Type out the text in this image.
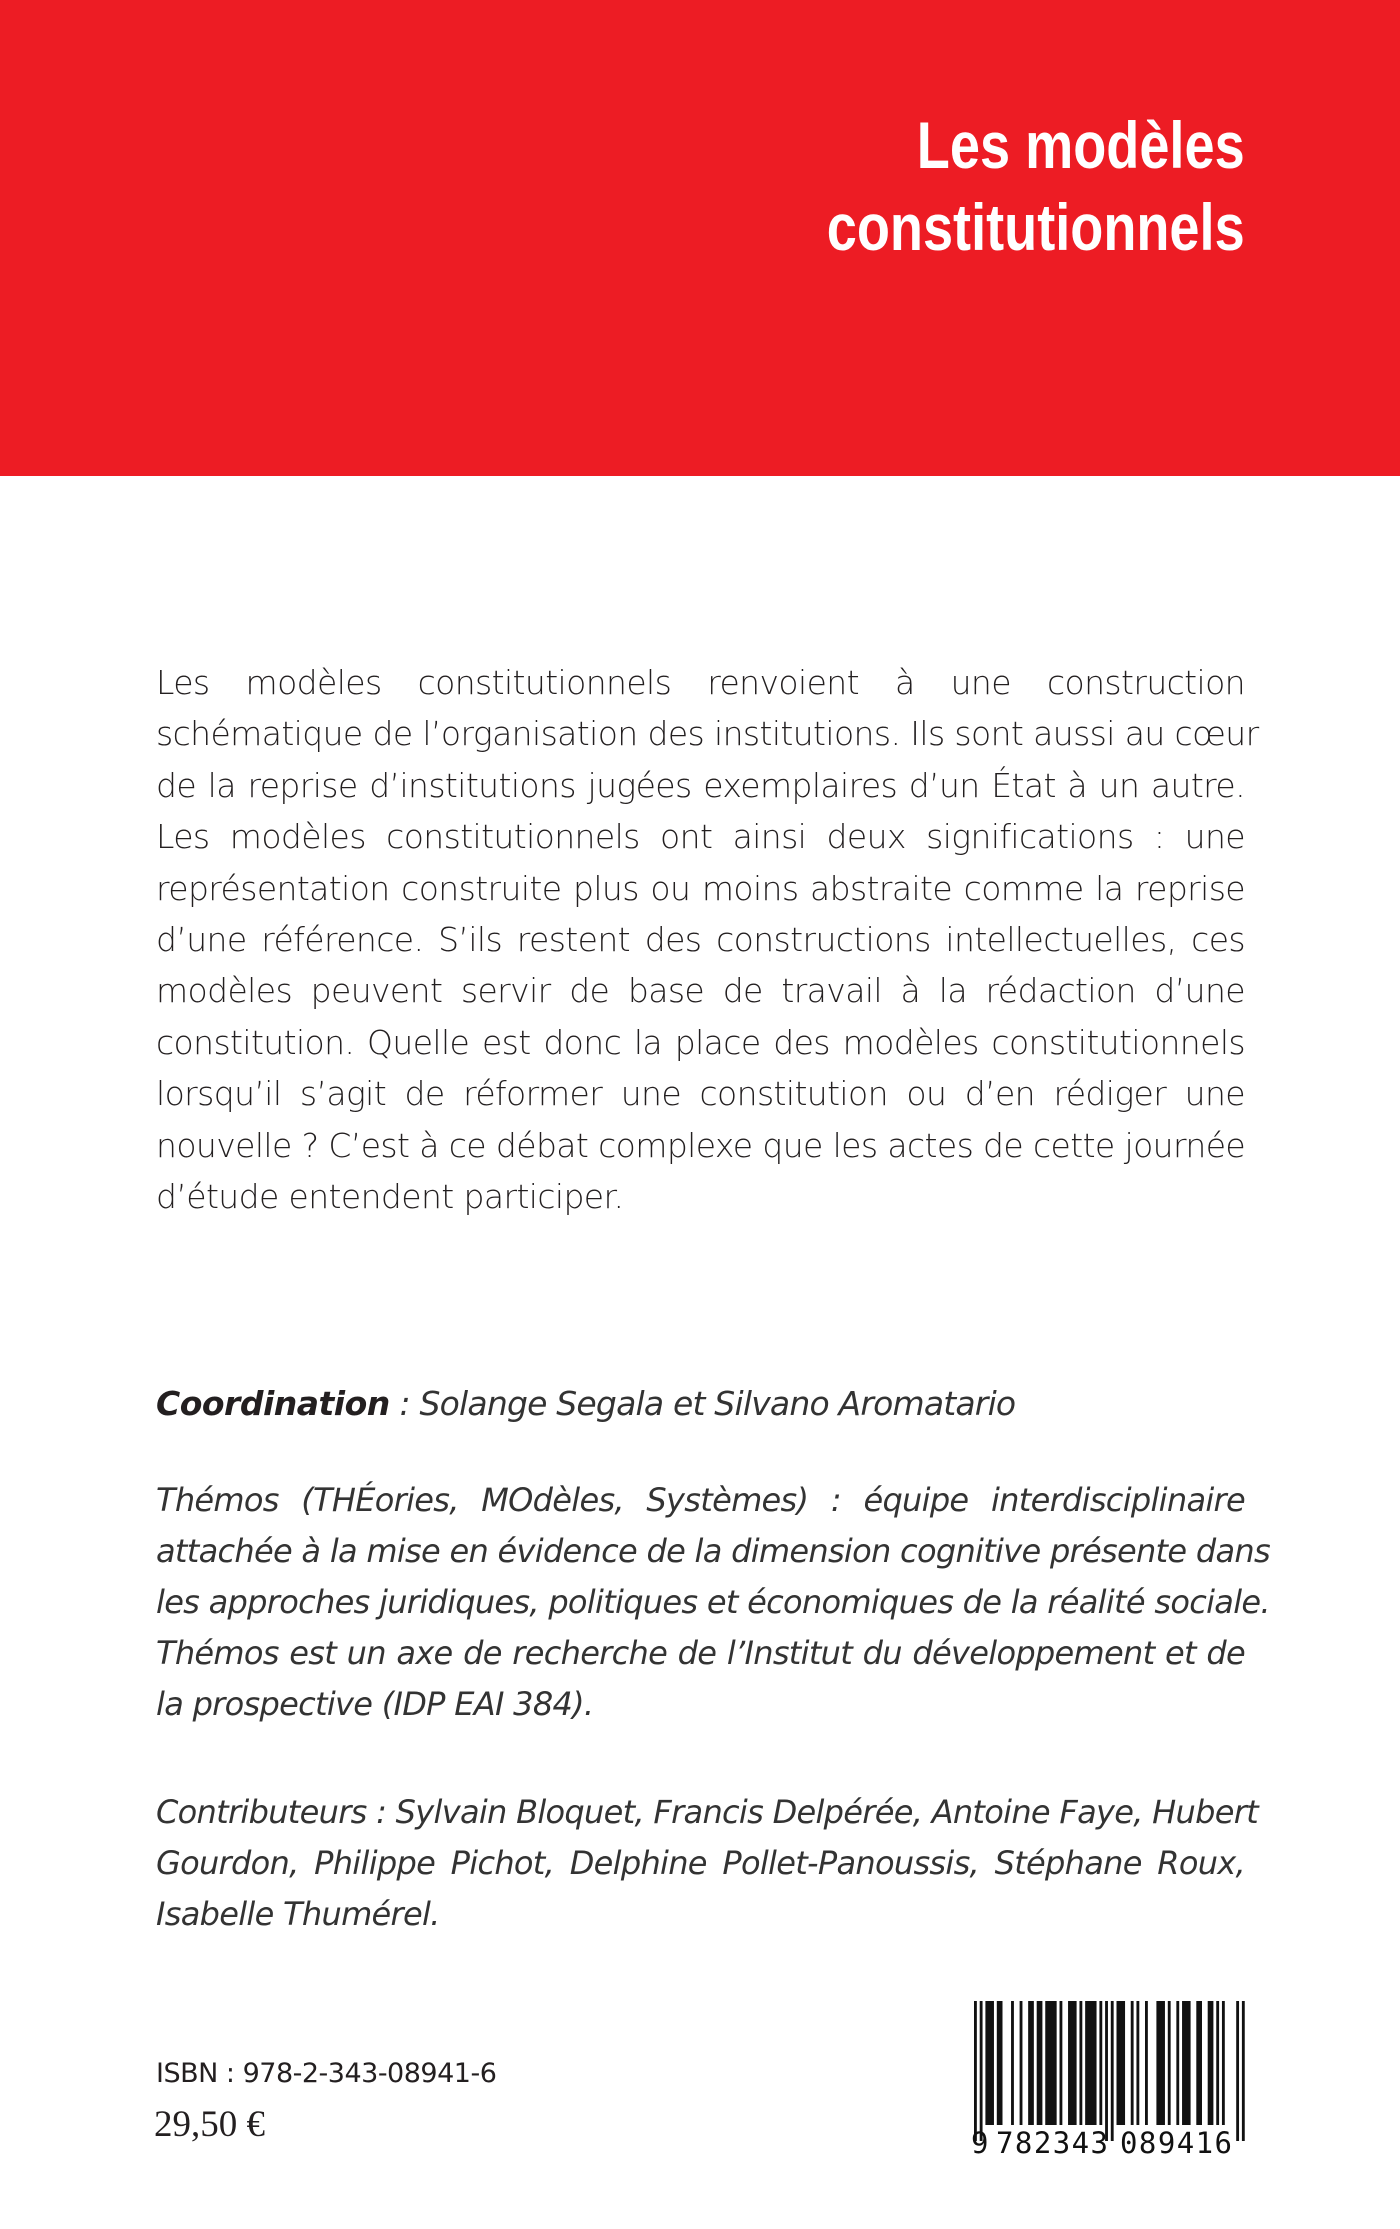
Les modèles
constitutionnels
Les modèles constitutionnels renvoient à une construction
schématique de l’organisation des institutions. Ils sont aussi au cœur
de la reprise d’institutions jugées exemplaires d’un État à un autre.
Les modèles constitutionnels ont ainsi deux significations : une
représentation construite plus ou moins abstraite comme la reprise
d’une référence. S’ils restent des constructions intellectuelles, ces
modèles peuvent servir de base de travail à la rédaction d’une
constitution. Quelle est donc la place des modèles constitutionnels
lorsqu’il s’agit de réformer une constitution ou d’en rédiger une
nouvelle ? C’est à ce débat complexe que les actes de cette journée
d’étude entendent participer.
Coordination : Solange Segala et Silvano Aromatario
Thémos (THÉories, MOdèles, Systèmes) : équipe interdisciplinaire
attachée à la mise en évidence de la dimension cognitive présente dans
les approches juridiques, politiques et économiques de la réalité sociale.
Thémos est un axe de recherche de l’Institut du développement et de
la prospective (IDP EAI 384).
Contributeurs : Sylvain Bloquet, Francis Delpérée, Antoine Faye, Hubert
Gourdon, Philippe Pichot, Delphine Pollet-Panoussis, Stéphane Roux,
Isabelle Thumérel.
ISBN : 978-2-343-08941-6
29,50 €	9 782343 089416
